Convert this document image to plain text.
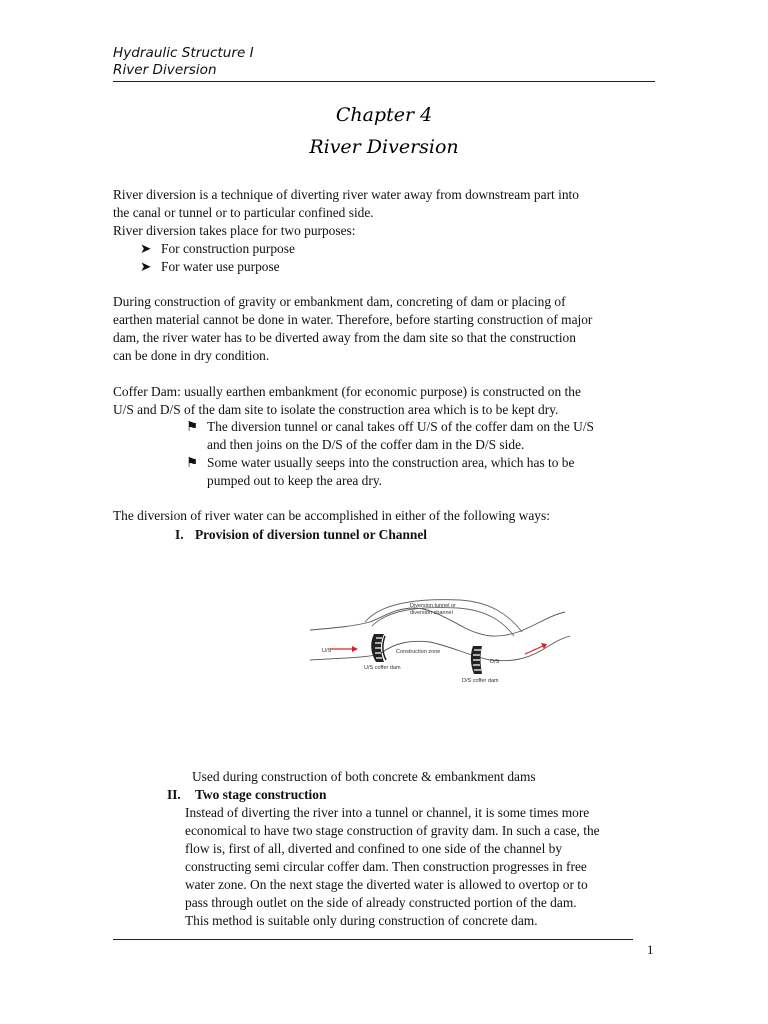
Hydraulic Structure I
River Diversion
Chapter 4
River Diversion
River diversion is a technique of diverting river water away from downstream part into
the canal or tunnel or to particular confined side.
River diversion takes place for two purposes:
➤ For construction purpose
➤ For water use purpose
During construction of gravity or embankment dam, concreting of dam or placing of
earthen material cannot be done in water. Therefore, before starting construction of major
dam, the river water has to be diverted away from the dam site so that the construction
can be done in dry condition.
Coffer Dam: usually earthen embankment (for economic purpose) is constructed on the
U/S and D/S of the dam site to isolate the construction area which is to be kept dry.
⚑ The diversion tunnel or canal takes off U/S of the coffer dam on the U/S
and then joins on the D/S of the coffer dam in the D/S side.
⚑ Some water usually seeps into the construction area, which has to be
pumped out to keep the area dry.
The diversion of river water can be accomplished in either of the following ways:
I. Provision of diversion tunnel or Channel
Diversion tunnel or
diversion channel
U/S	Construction zone
D/S
U/S coffer dam
D/S coffer dam
Used during construction of both concrete & embankment dams
II. Two stage construction
Instead of diverting the river into a tunnel or channel, it is some times more
economical to have two stage construction of gravity dam. In such a case, the
flow is, first of all, diverted and confined to one side of the channel by
constructing semi circular coffer dam. Then construction progresses in free
water zone. On the next stage the diverted water is allowed to overtop or to
pass through outlet on the side of already constructed portion of the dam.
This method is suitable only during construction of concrete dam.
1
